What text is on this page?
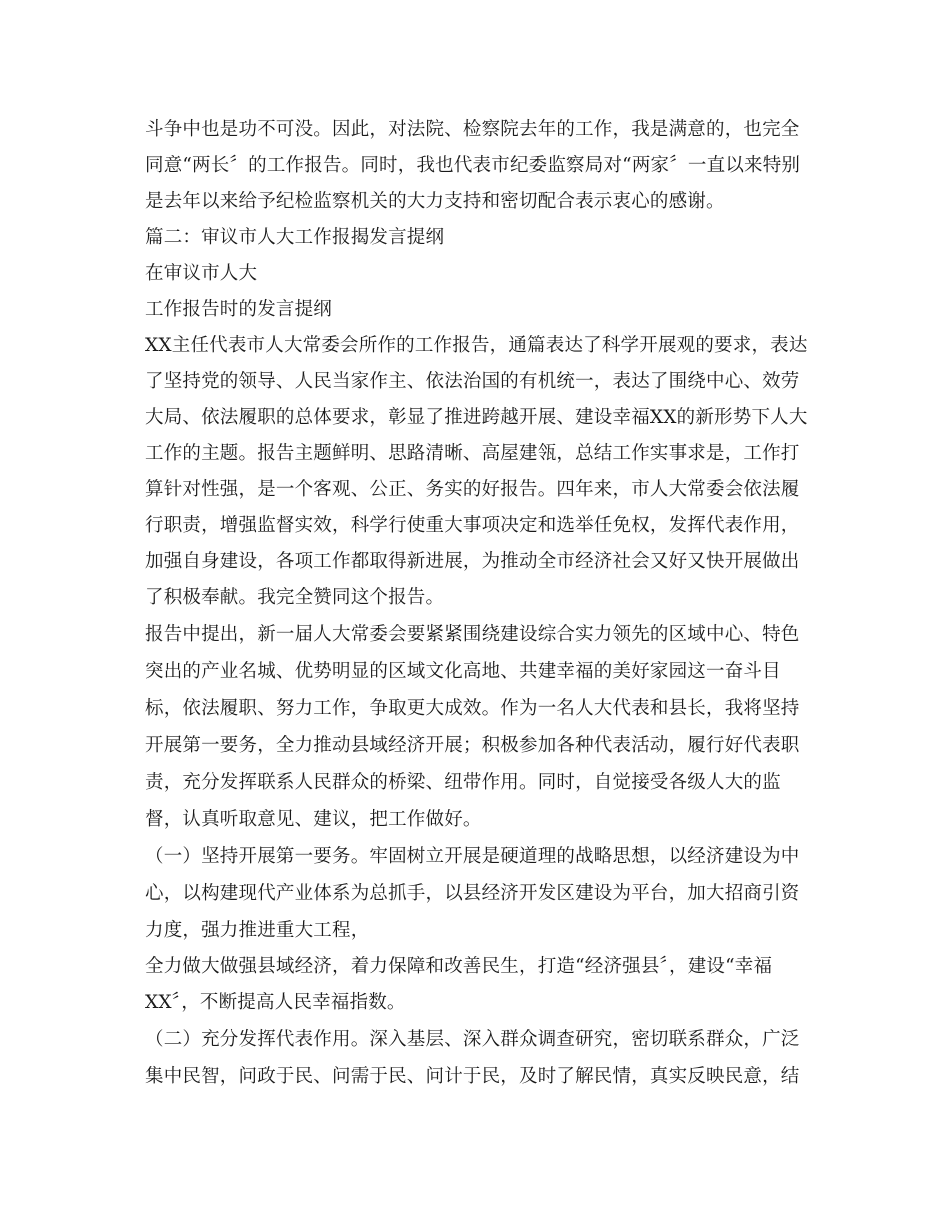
斗争中也是功不可没。因此，对法院、检察院去年的工作，我是满意的，也完全
同意“两长〞的工作报告。同时，我也代表市纪委监察局对“两家〞一直以来特别
是去年以来给予纪检监察机关的大力支持和密切配合表示衷心的感谢。
篇二：审议市人大工作报揭发言提纲
在审议市人大
工作报告时的发言提纲
XX主任代表市人大常委会所作的工作报告，通篇表达了科学开展观的要求，表达
了坚持党的领导、人民当家作主、依法治国的有机统一，表达了围绕中心、效劳
大局、依法履职的总体要求，彰显了推进跨越开展、建设幸福XX的新形势下人大
工作的主题。报告主题鲜明、思路清晰、高屋建瓴，总结工作实事求是，工作打
算针对性强，是一个客观、公正、务实的好报告。四年来，市人大常委会依法履
行职责，增强监督实效，科学行使重大事项决定和选举任免权，发挥代表作用，
加强自身建设，各项工作都取得新进展，为推动全市经济社会又好又快开展做出
了积极奉献。我完全赞同这个报告。
报告中提出，新一届人大常委会要紧紧围绕建设综合实力领先的区域中心、特色
突出的产业名城、优势明显的区域文化高地、共建幸福的美好家园这一奋斗目
标，依法履职、努力工作，争取更大成效。作为一名人大代表和县长，我将坚持
开展第一要务，全力推动县域经济开展；积极参加各种代表活动，履行好代表职
责，充分发挥联系人民群众的桥梁、纽带作用。同时，自觉接受各级人大的监
督，认真听取意见、建议，把工作做好。
（一）坚持开展第一要务。牢固树立开展是硬道理的战略思想，以经济建设为中
心，以构建现代产业体系为总抓手，以县经济开发区建设为平台，加大招商引资
力度，强力推进重大工程，
全力做大做强县域经济，着力保障和改善民生，打造“经济强县〞，建设“幸福
XX〞，不断提高人民幸福指数。
（二）充分发挥代表作用。深入基层、深入群众调查研究，密切联系群众，广泛
集中民智，问政于民、问需于民、问计于民，及时了解民情，真实反映民意，结
